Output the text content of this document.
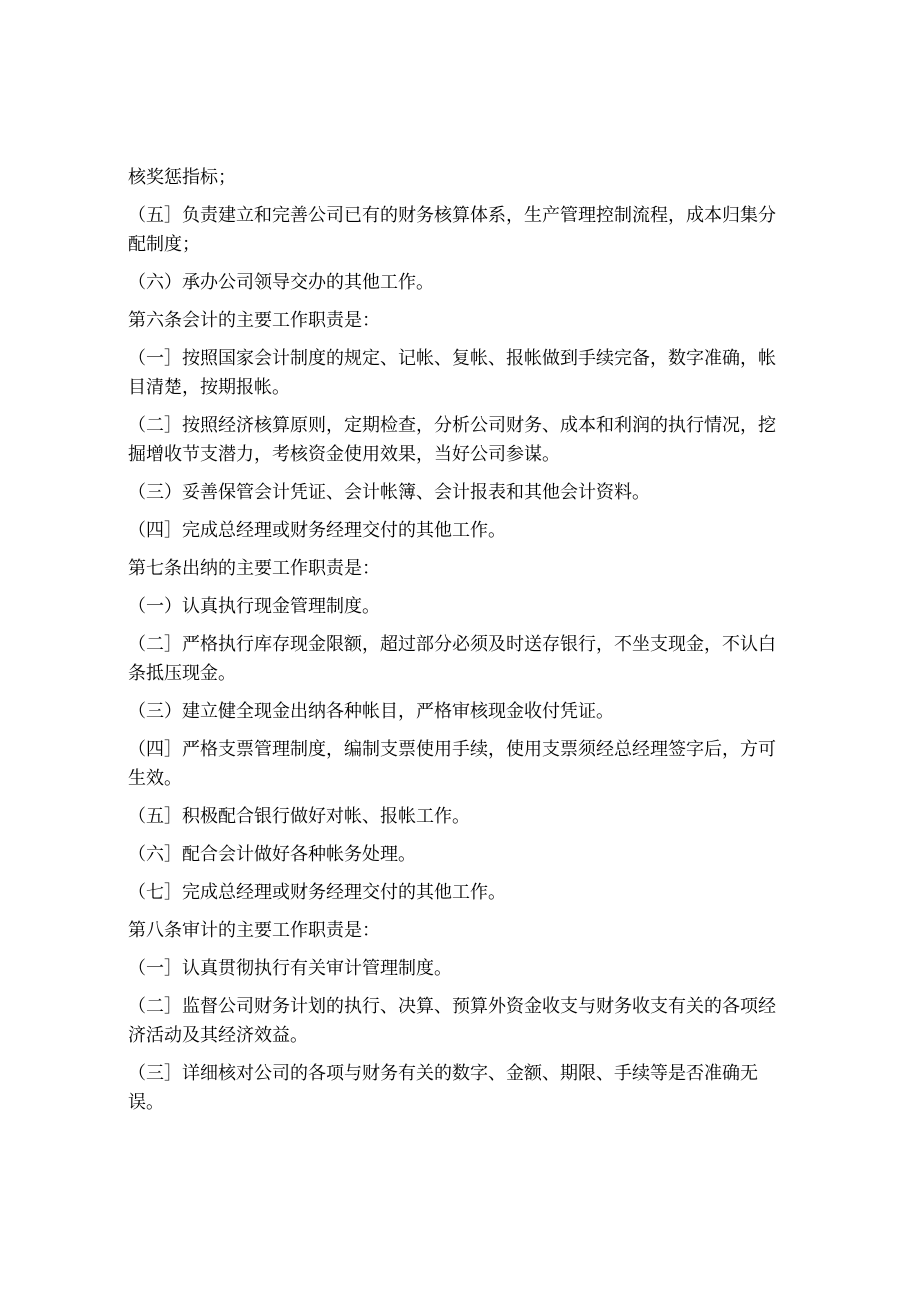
核奖惩指标；

（五］负责建立和完善公司已有的财务核算体系，生产管理控制流程，成本归集分配制度；

（六）承办公司领导交办的其他工作。

第六条会计的主要工作职责是：

（一］按照国家会计制度的规定、记帐、复帐、报帐做到手续完备，数字准确，帐目清楚，按期报帐。

（二］按照经济核算原则，定期检查，分析公司财务、成本和利润的执行情况，挖掘增收节支潜力，考核资金使用效果，当好公司参谋。

（三）妥善保管会计凭证、会计帐簿、会计报表和其他会计资料。

（四］完成总经理或财务经理交付的其他工作。

第七条出纳的主要工作职责是：

（一）认真执行现金管理制度。

（二］严格执行库存现金限额，超过部分必须及时送存银行，不坐支现金，不认白条抵压现金。

（三）建立健全现金出纳各种帐目，严格审核现金收付凭证。

（四］严格支票管理制度，编制支票使用手续，使用支票须经总经理签字后，方可生效。

（五］积极配合银行做好对帐、报帐工作。

（六］配合会计做好各种帐务处理。

（七］完成总经理或财务经理交付的其他工作。

第八条审计的主要工作职责是：

（一］认真贯彻执行有关审计管理制度。

（二］监督公司财务计划的执行、决算、预算外资金收支与财务收支有关的各项经济活动及其经济效益。

（三］详细核对公司的各项与财务有关的数字、金额、期限、手续等是否准确无误。
